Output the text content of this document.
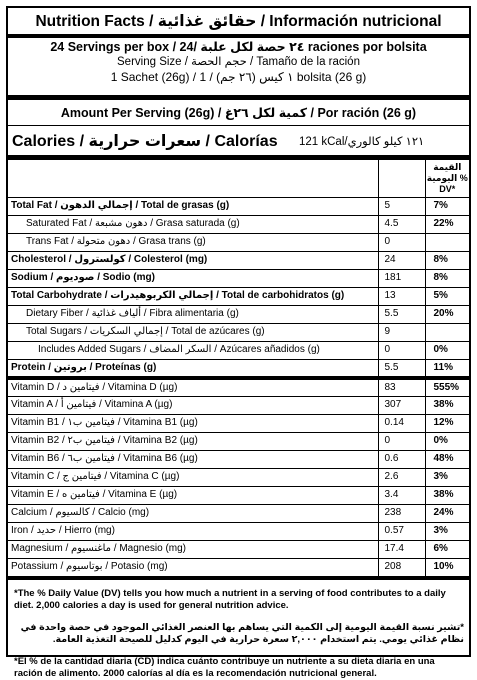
Nutrition Facts / حقائق غذائية / Información nutricional
24 Servings per box / ٢٤ حصة لكل علبة /24 raciones por bolsita
Serving Size / حجم الحصة / Tamaño de la ración
1 Sachet (26g) / ١ كيس (٢٦ جم) / 1 bolsita (26 g)
Amount Per Serving (26g) / كمية لكل ٢٦غ / Por ración (26 g)
Calories / سعرات حرارية / Calorías	121 kCal/١٢١ كيلو كالوري
		القيمة اليومية % DV*
Total Fat / إجمالي الدهون / Total de grasas (g)	5	7%
Saturated Fat / دهون مشبعة / Grasa saturada (g)	4.5	22%
Trans Fat / دهون متحولة / Grasa trans (g)	0	
Cholesterol / كولسترول / Colesterol (mg)	24	8%
Sodium / صوديوم / Sodio (mg)	181	8%
Total Carbohydrate / إجمالي الكربوهيدرات / Total de carbohidratos (g)	13	5%
Dietary Fiber / ألياف غذائية / Fibra alimentaria (g)	5.5	20%
Total Sugars / إجمالي السكريات / Total de azúcares (g)	9	
Includes Added Sugars / السكر المضاف / Azúcares añadidos (g)	0	0%
Protein / بروتين / Proteínas (g)	5.5	11%
Vitamin D / فيتامين د / Vitamina D (µg)	83	555%
Vitamin A / فيتامين أ / Vitamina A (µg)	307	38%
Vitamin B1 / فيتامين ب١ / Vitamina B1 (µg)	0.14	12%
Vitamin B2 / فيتامين ب٢ / Vitamina B2 (µg)	0	0%
Vitamin B6 / فيتامين ب٦ / Vitamina B6 (µg)	0.6	48%
Vitamin C / فيتامين ج / Vitamina C (µg)	2.6	3%
Vitamin E / فيتامين ه / Vitamina E (µg)	3.4	38%
Calcium / كالسيوم / Calcio (mg)	238	24%
Iron / حديد / Hierro (mg)	0.57	3%
Magnesium / ماغنسيوم / Magnesio (mg)	17.4	6%
Potassium / بوتاسيوم / Potasio (mg)	208	10%

*The % Daily Value (DV) tells you how much a nutrient in a serving of food contributes to a daily diet. 2,000 calories a day is used for general nutrition advice.

*تشير نسبة القيمة اليومية إلى الكمية التي يساهم بها العنصر الغذائي الموجود في حصة واحدة في نظام غذائي يومي. يتم استخدام ٢,٠٠٠ سعرة حرارية في اليوم كدليل للصيحة التغذية العامة.

*El % de la cantidad diaria (CD) indica cuánto contribuye un nutriente a su dieta diaria en una ración de alimento. 2000 calorías al día es la recomendación nutricional general.
